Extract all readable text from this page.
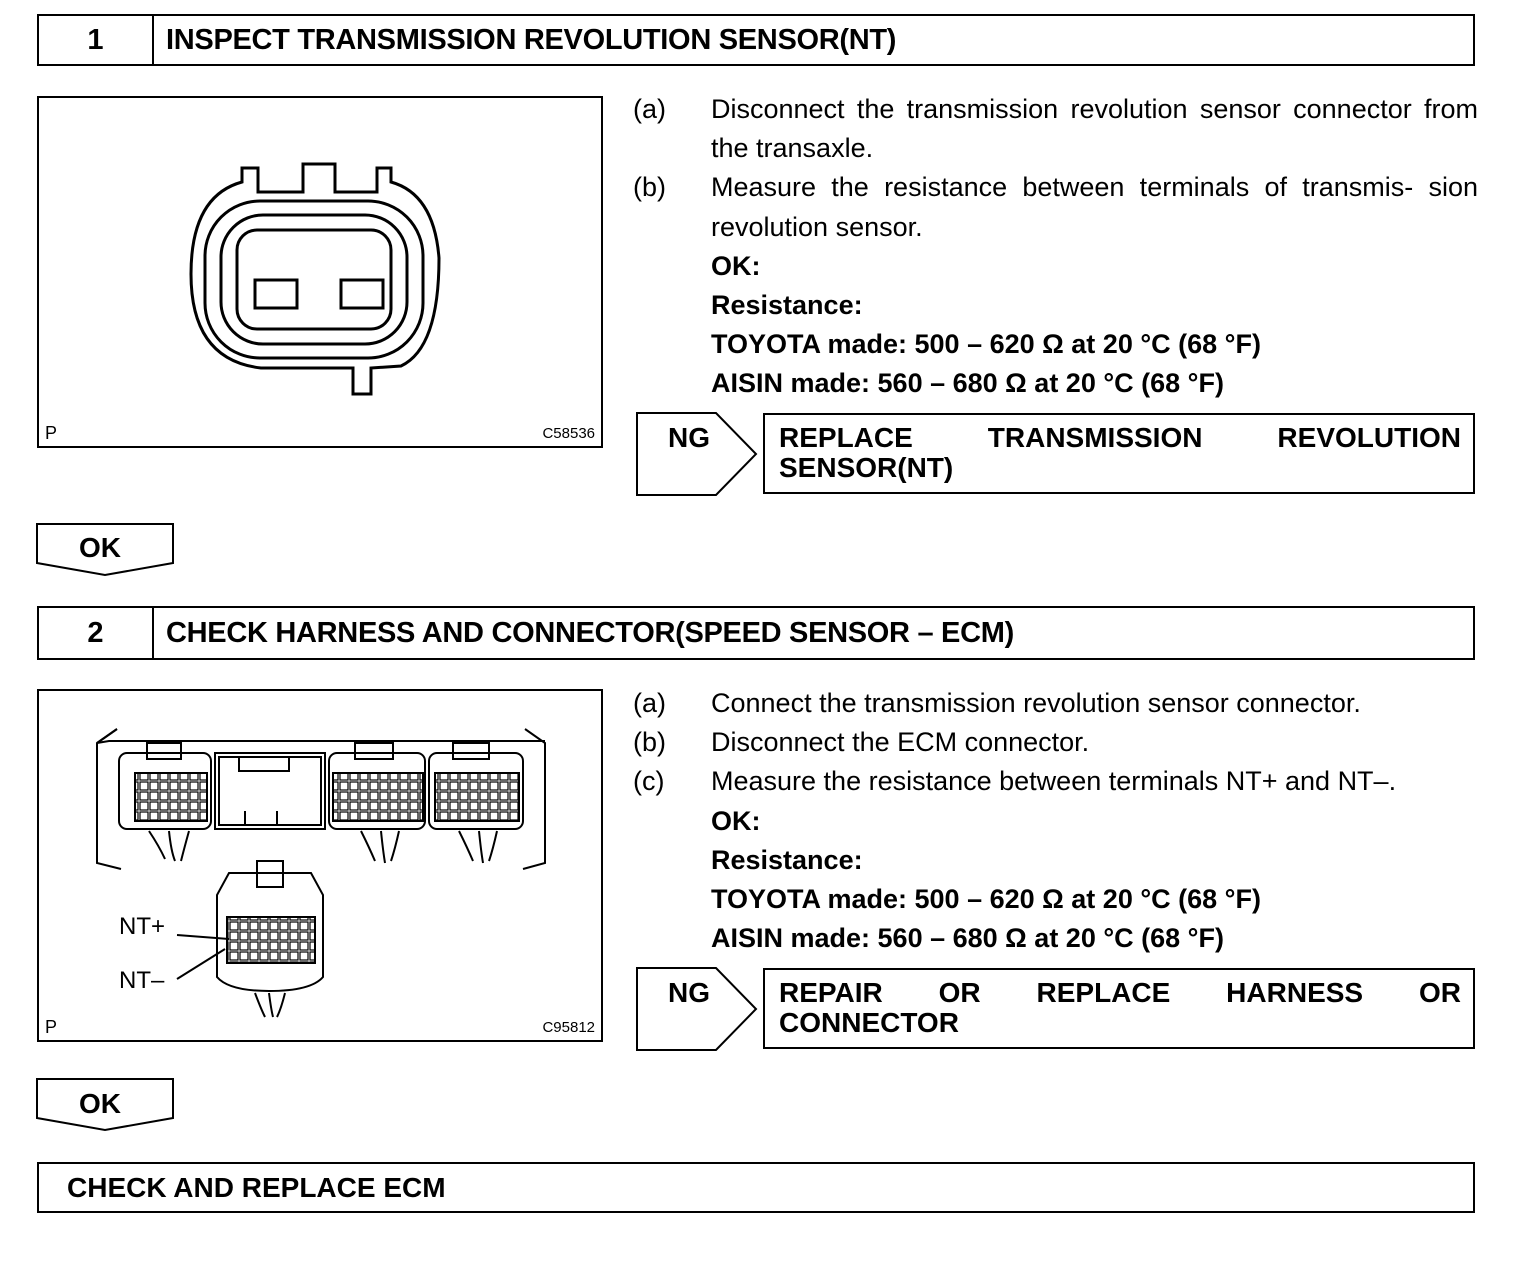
1	INSPECT TRANSMISSION REVOLUTION SENSOR(NT)
P	C58536
(a)	Disconnect the transmission revolution sensor connector from the transaxle.
(b)	Measure the resistance between terminals of transmis- sion revolution sensor.
OK:
Resistance:
TOYOTA made: 500 – 620 Ω at 20 °C (68 °F)
AISIN made: 560 – 680 Ω at 20 °C (68 °F)
NG REPLACE TRANSMISSION REVOLUTION
SENSOR(NT)
OK
2	CHECK HARNESS AND CONNECTOR(SPEED SENSOR – ECM)
NT+
NT–
P	C95812
(a)	Connect the transmission revolution sensor connector.
(b)	Disconnect the ECM connector.
(c)	Measure the resistance between terminals NT+ and NT–.
OK:
Resistance:
TOYOTA made: 500 – 620 Ω at 20 °C (68 °F)
AISIN made: 560 – 680 Ω at 20 °C (68 °F)
NG REPAIR OR REPLACE HARNESS OR
CONNECTOR
OK
CHECK AND REPLACE ECM
